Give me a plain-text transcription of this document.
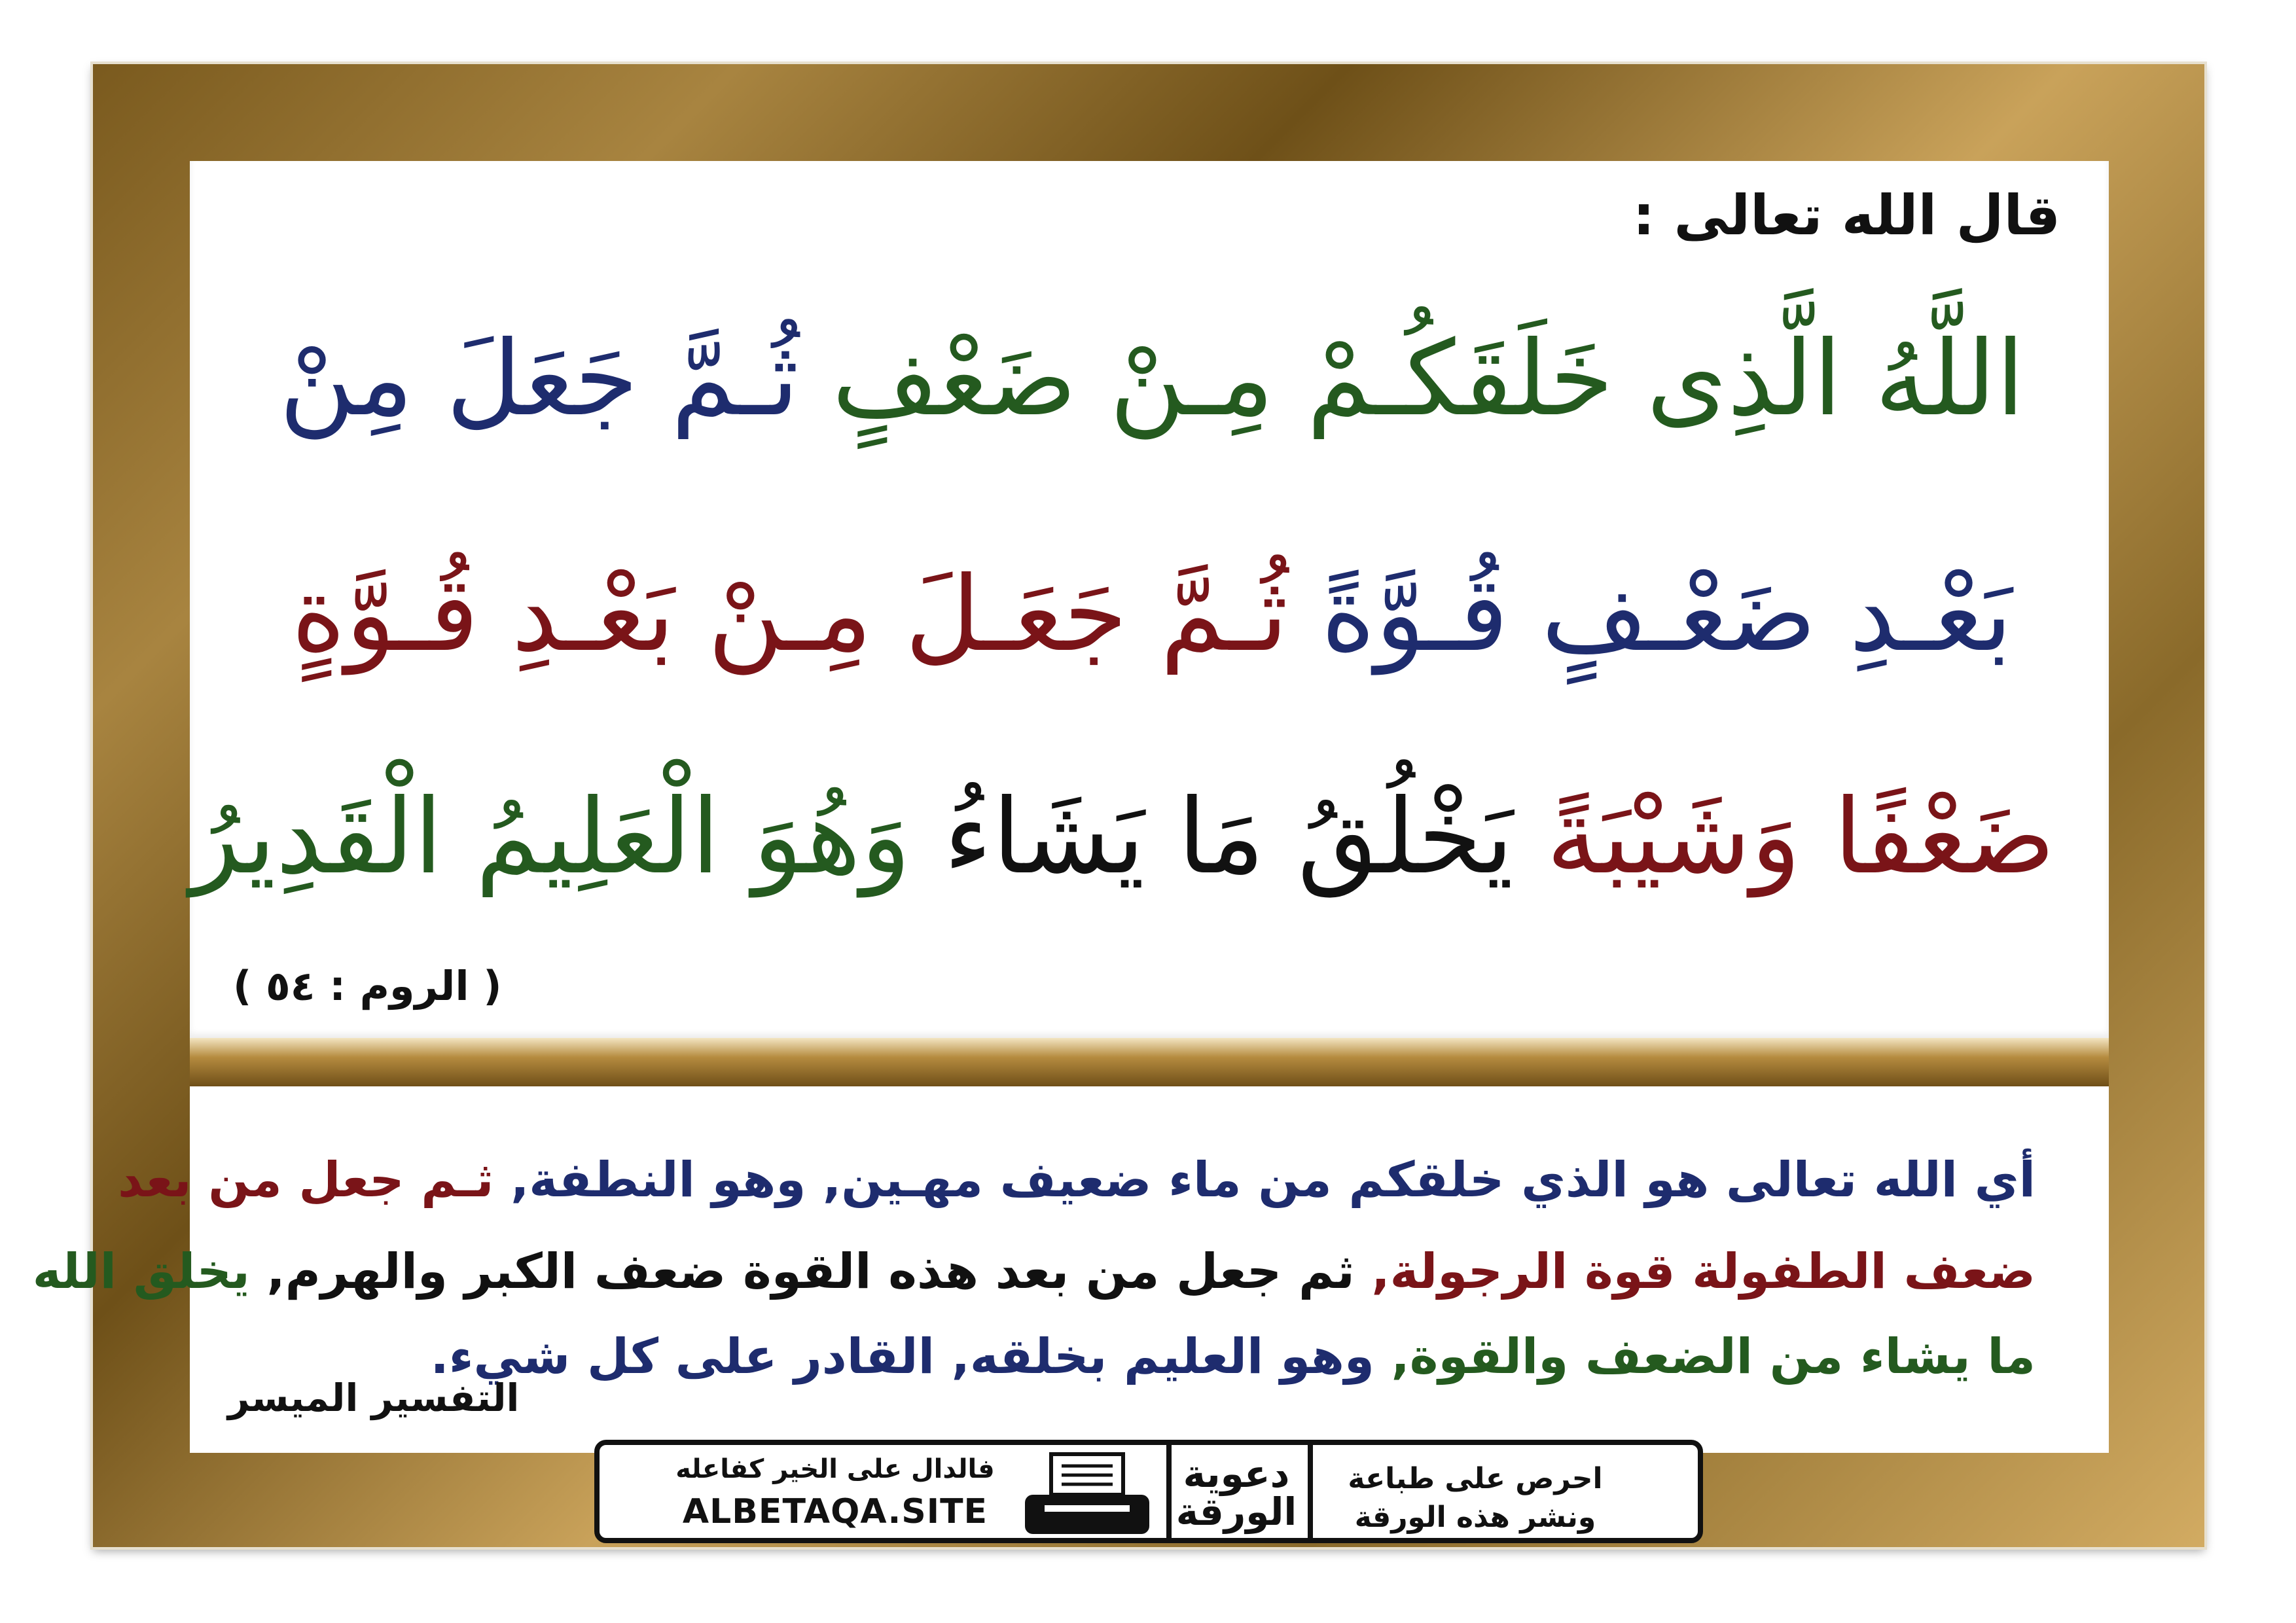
قال الله تعالى :
اللَّهُ الَّذِى خَلَقَكُـمْ مِـنْ ضَعْفٍ ثُـمَّ جَعَلَ مِنْ
بَعْـدِ ضَعْـفٍ قُـوَّةً ثُـمَّ جَعَـلَ مِـنْ بَعْـدِ قُـوَّةٍ
ضَعْفًا وَشَيْبَةً يَخْلُقُ مَا يَشَاءُ وَهُوَ الْعَلِيمُ الْقَدِيرُ
( الروم : ٥٤ )
أي الله تعالى هو الذي خلقكم من ماء ضعيف مهـين, وهو النطفة, ثـم جعل من بعد
ضعف الطفولة قوة الرجولة, ثم جعل من بعد هذه القوة ضعف الكبر والهرم, يخلق الله
ما يشاء من الضعف والقوة, وهو العليم بخلقه, القادر على كل شيء.
التفسير الميسر
فالدال على الخير كفاعله
ALBETAQA.SITE
دعوية
الورقة
احرص على طباعة
ونشر هذه الورقة
